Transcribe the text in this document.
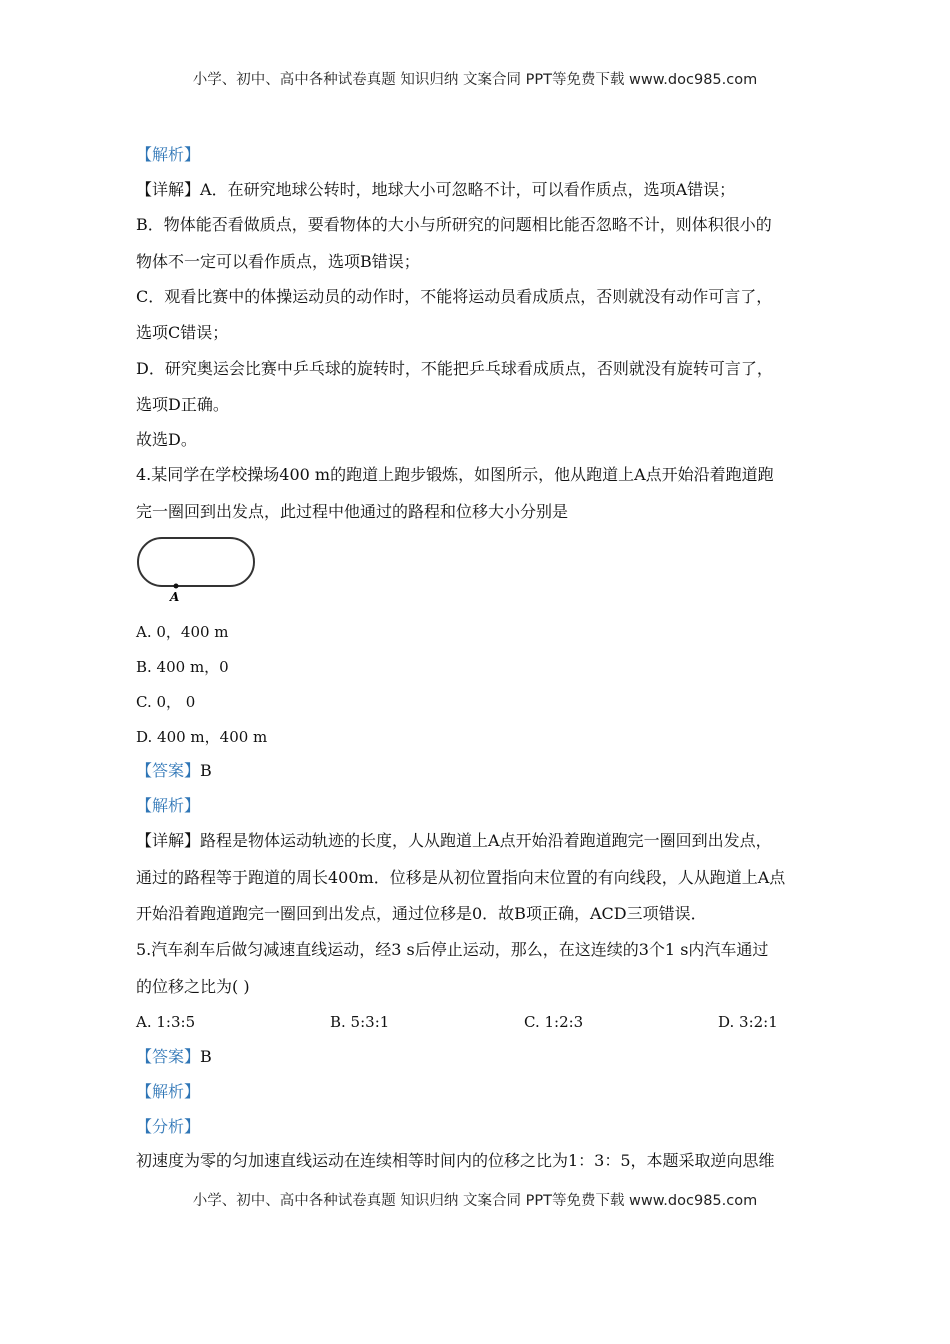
小学、初中、高中各种试卷真题 知识归纳 文案合同 PPT等免费下载 www.doc985.com
【解析】
【详解】A．在研究地球公转时，地球大小可忽略不计，可以看作质点，选项A错误；
B．物体能否看做质点，要看物体的大小与所研究的问题相比能否忽略不计，则体积很小的
物体不一定可以看作质点，选项B错误；
C．观看比赛中的体操运动员的动作时，不能将运动员看成质点，否则就没有动作可言了，
选项C错误；
D．研究奥运会比赛中乒乓球的旋转时，不能把乒乓球看成质点，否则就没有旋转可言了，
选项D正确。
故选D。
4.某同学在学校操场400 m的跑道上跑步锻炼，如图所示，他从跑道上A点开始沿着跑道跑
完一圈回到出发点，此过程中他通过的路程和位移大小分别是
A
A. 0，400 m
B. 400 m，0
C. 0， 0
D. 400 m，400 m
【答案】B
【解析】
【详解】路程是物体运动轨迹的长度，人从跑道上A点开始沿着跑道跑完一圈回到出发点，
通过的路程等于跑道的周长400m．位移是从初位置指向末位置的有向线段，人从跑道上A点
开始沿着跑道跑完一圈回到出发点，通过位移是0．故B项正确，ACD三项错误．
5.汽车刹车后做匀减速直线运动，经3 s后停止运动，那么，在这连续的3个1 s内汽车通过
的位移之比为( )
A. 1:3:5	B. 5:3:1	C. 1:2:3	D. 3:2:1
【答案】B
【解析】
【分析】
初速度为零的匀加速直线运动在连续相等时间内的位移之比为1：3：5，本题采取逆向思维
小学、初中、高中各种试卷真题 知识归纳 文案合同 PPT等免费下载 www.doc985.com
